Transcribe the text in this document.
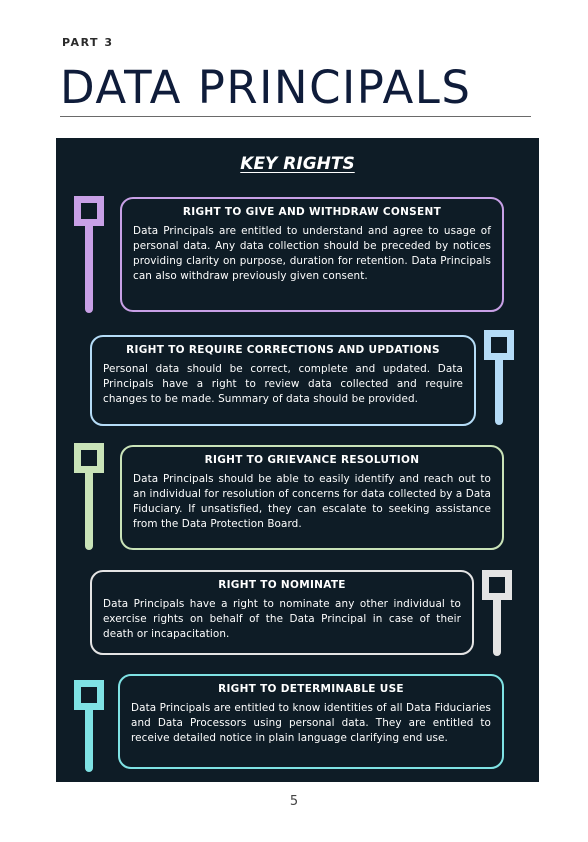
PART 3
DATA PRINCIPALS
KEY RIGHTS
RIGHT TO GIVE AND WITHDRAW CONSENT

Data Principals are entitled to understand and agree to usage of personal data. Any data collection should be preceded by notices providing clarity on purpose, duration for retention. Data Principals can also withdraw previously given consent.

RIGHT TO REQUIRE CORRECTIONS AND UPDATIONS

Personal data should be correct, complete and updated. Data Principals have a right to review data collected and require changes to be made. Summary of data should be provided.

RIGHT TO GRIEVANCE RESOLUTION

Data Principals should be able to easily identify and reach out to an individual for resolution of concerns for data collected by a Data Fiduciary. If unsatisfied, they can escalate to seeking assistance from the Data Protection Board.

RIGHT TO NOMINATE

Data Principals have a right to nominate any other individual to exercise rights on behalf of the Data Principal in case of their death or incapacitation.

RIGHT TO DETERMINABLE USE

Data Principals are entitled to know identities of all Data Fiduciaries and Data Processors using personal data. They are entitled to receive detailed notice in plain language clarifying end use.

5
